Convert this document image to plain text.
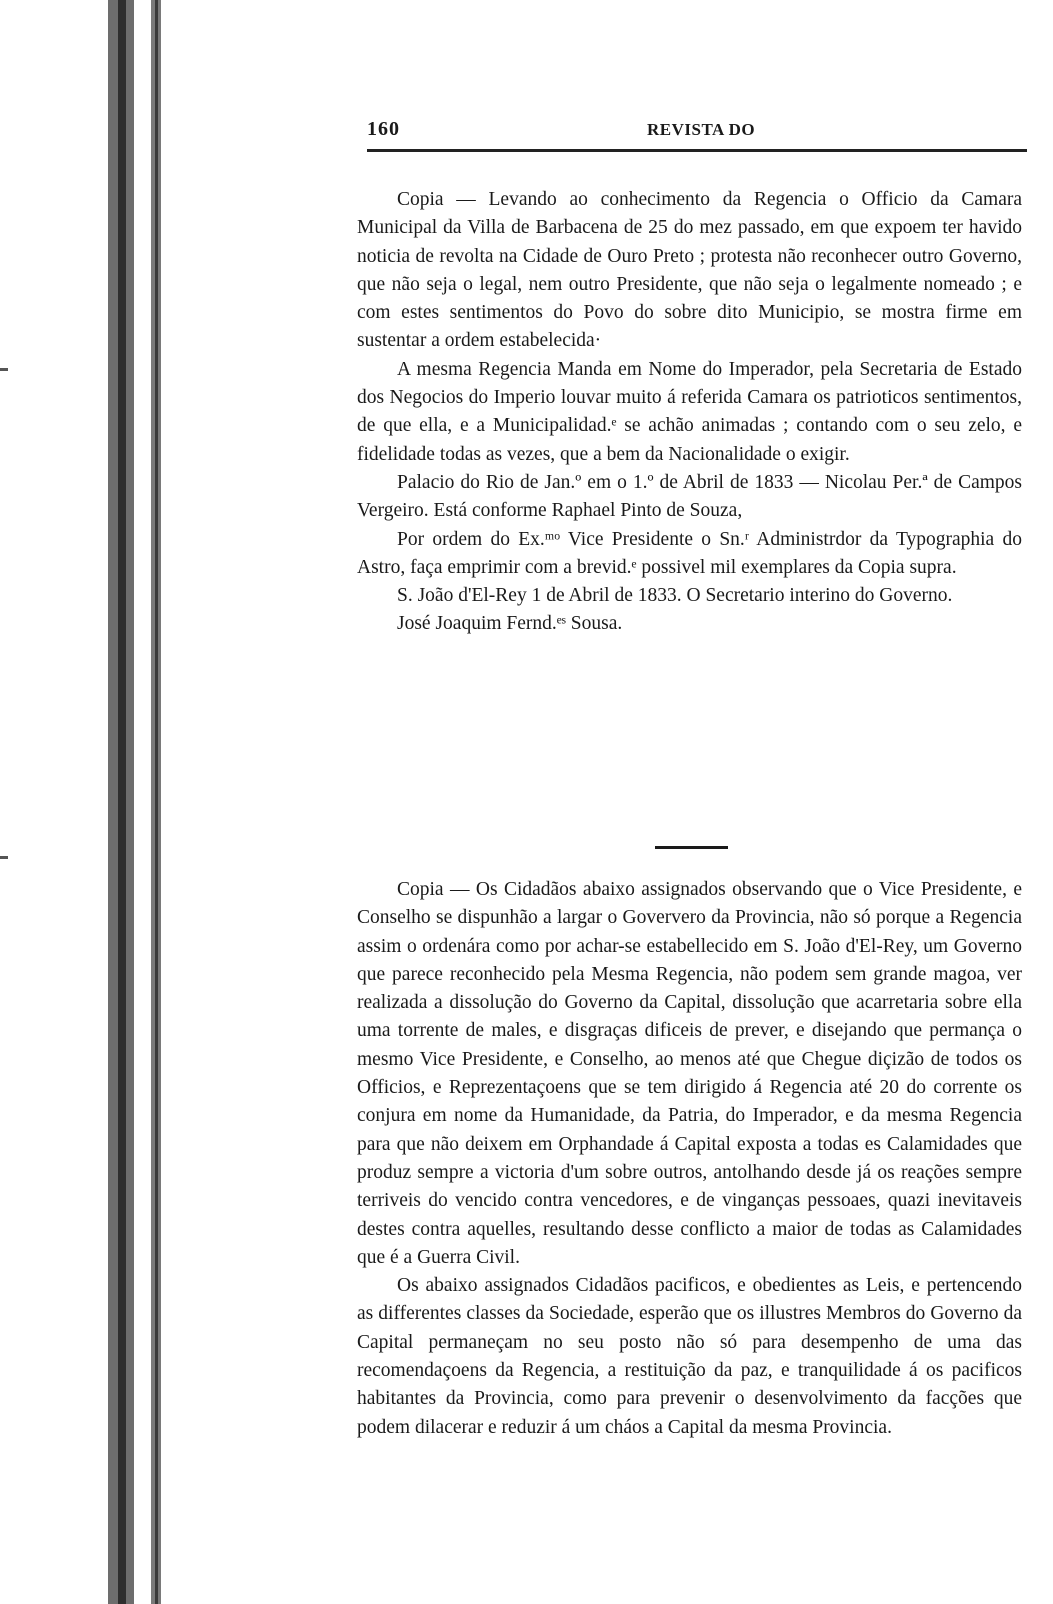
160	REVISTA DO

Copia — Levando ao conhecimento da Regencia o Officio da Camara Municipal da Villa de Barbacena de 25 do mez passado, em que expoem ter havido noticia de revolta na Cidade de Ouro Preto ; protesta não reconhecer outro Governo, que não seja o legal, nem outro Presidente, que não seja o legalmente nomeado ; e com estes sentimentos do Povo do sobre dito Municipio, se mostra firme em sustentar a ordem estabelecida·

A mesma Regencia Manda em Nome do Imperador, pela Secretaria de Estado dos Negocios do Imperio louvar muito á referida Camara os patrioticos sentimentos, de que ella, e a Municipalidad.ᵉ se achão animadas ; contando com o seu zelo, e fidelidade todas as vezes, que a bem da Nacionalidade o exigir.

Palacio do Rio de Jan.º em o 1.º de Abril de 1833 — Nicolau Per.ª de Campos Vergeiro. Está conforme Raphael Pinto de Souza,

Por ordem do Ex.ᵐᵒ Vice Presidente o Sn.ʳ Administrdor da Typographia do Astro, faça emprimir com a brevid.ᵉ possivel mil exemplares da Copia supra.

S. João d'El-Rey 1 de Abril de 1833. O Secretario interino do Governo.

José Joaquim Fernd.ᵉˢ Sousa.

Copia — Os Cidadãos abaixo assignados observando que o Vice Presidente, e Conselho se dispunhão a largar o Goververo da Provincia, não só porque a Regencia assim o ordenára como por achar-se estabellecido em S. João d'El-Rey, um Governo que parece reconhecido pela Mesma Regencia, não podem sem grande magoa, ver realizada a dissolução do Governo da Capital, dissolução que acarretaria sobre ella uma torrente de males, e disgraças dificeis de prever, e disejando que permança o mesmo Vice Presidente, e Conselho, ao menos até que Chegue diçizão de todos os Officios, e Reprezentaçoens que se tem dirigido á Regencia até 20 do corrente os conjura em nome da Humanidade, da Patria, do Imperador, e da mesma Regencia para que não deixem em Orphandade á Capital exposta a todas es Calamidades que produz sempre a victoria d'um sobre outros, antolhando desde já os reações sempre terriveis do vencido contra vencedores, e de vinganças pessoaes, quazi inevitaveis destes contra aquelles, resultando desse conflicto a maior de todas as Calamidades que é a Guerra Civil.

Os abaixo assignados Cidadãos pacificos, e obedientes as Leis, e pertencendo as differentes classes da Sociedade, esperão que os illustres Membros do Governo da Capital permaneçam no seu posto não só para desempenho de uma das recomendaçoens da Regencia, a restituição da paz, e tranquilidade á os pacificos habitantes da Provincia, como para prevenir o desenvolvimento da facções que podem dilacerar e reduzir á um cháos a Capital da mesma Provincia.
